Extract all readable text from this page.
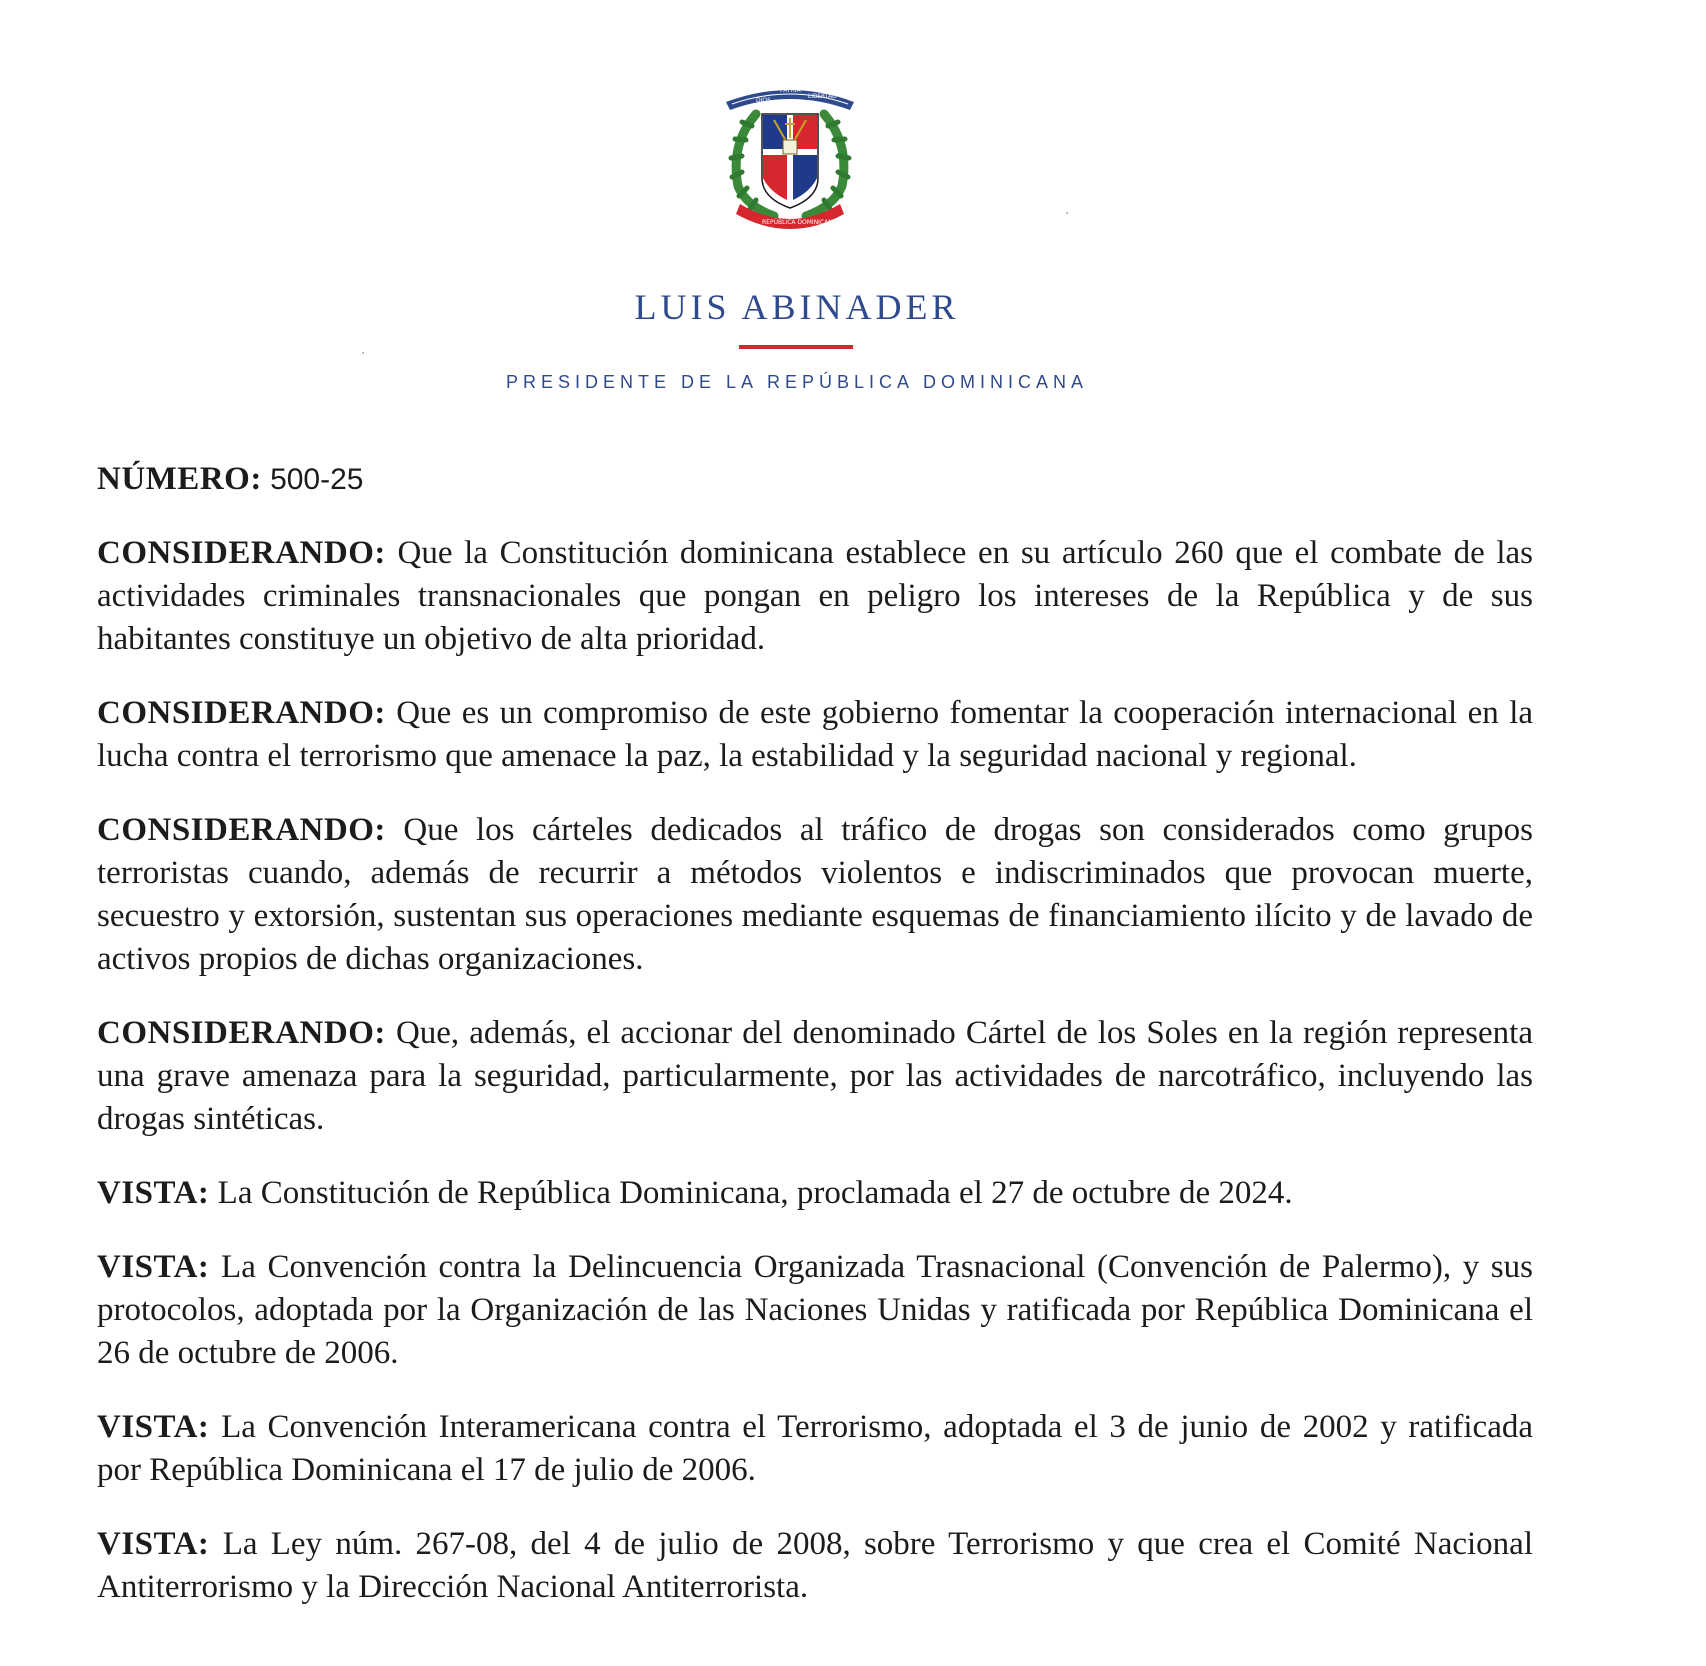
DIOS
PATRIA
LIBERTAD
REPÚBLICA DOMINICANA
LUIS ABINADER
PRESIDENTE DE LA REPÚBLICA DOMINICANA

NÚMERO: 500-25

CONSIDERANDO: Que la Constitución dominicana establece en su artículo 260 que el combate de las actividades criminales transnacionales que pongan en peligro los intereses de la República y de sus habitantes constituye un objetivo de alta prioridad.

CONSIDERANDO: Que es un compromiso de este gobierno fomentar la cooperación internacional en la lucha contra el terrorismo que amenace la paz, la estabilidad y la seguridad nacional y regional.

CONSIDERANDO: Que los cárteles dedicados al tráfico de drogas son considerados como grupos terroristas cuando, además de recurrir a métodos violentos e indiscriminados que provocan muerte, secuestro y extorsión, sustentan sus operaciones mediante esquemas de financiamiento ilícito y de lavado de activos propios de dichas organizaciones.

CONSIDERANDO: Que, además, el accionar del denominado Cártel de los Soles en la región representa una grave amenaza para la seguridad, particularmente, por las actividades de narcotráfico, incluyendo las drogas sintéticas.

VISTA: La Constitución de República Dominicana, proclamada el 27 de octubre de 2024.

VISTA: La Convención contra la Delincuencia Organizada Trasnacional (Convención de Palermo), y sus protocolos, adoptada por la Organización de las Naciones Unidas y ratificada por República Dominicana el 26 de octubre de 2006.

VISTA: La Convención Interamericana contra el Terrorismo, adoptada el 3 de junio de 2002 y ratificada por República Dominicana el 17 de julio de 2006.

VISTA: La Ley núm. 267-08, del 4 de julio de 2008, sobre Terrorismo y que crea el Comité Nacional Antiterrorismo y la Dirección Nacional Antiterrorista.
